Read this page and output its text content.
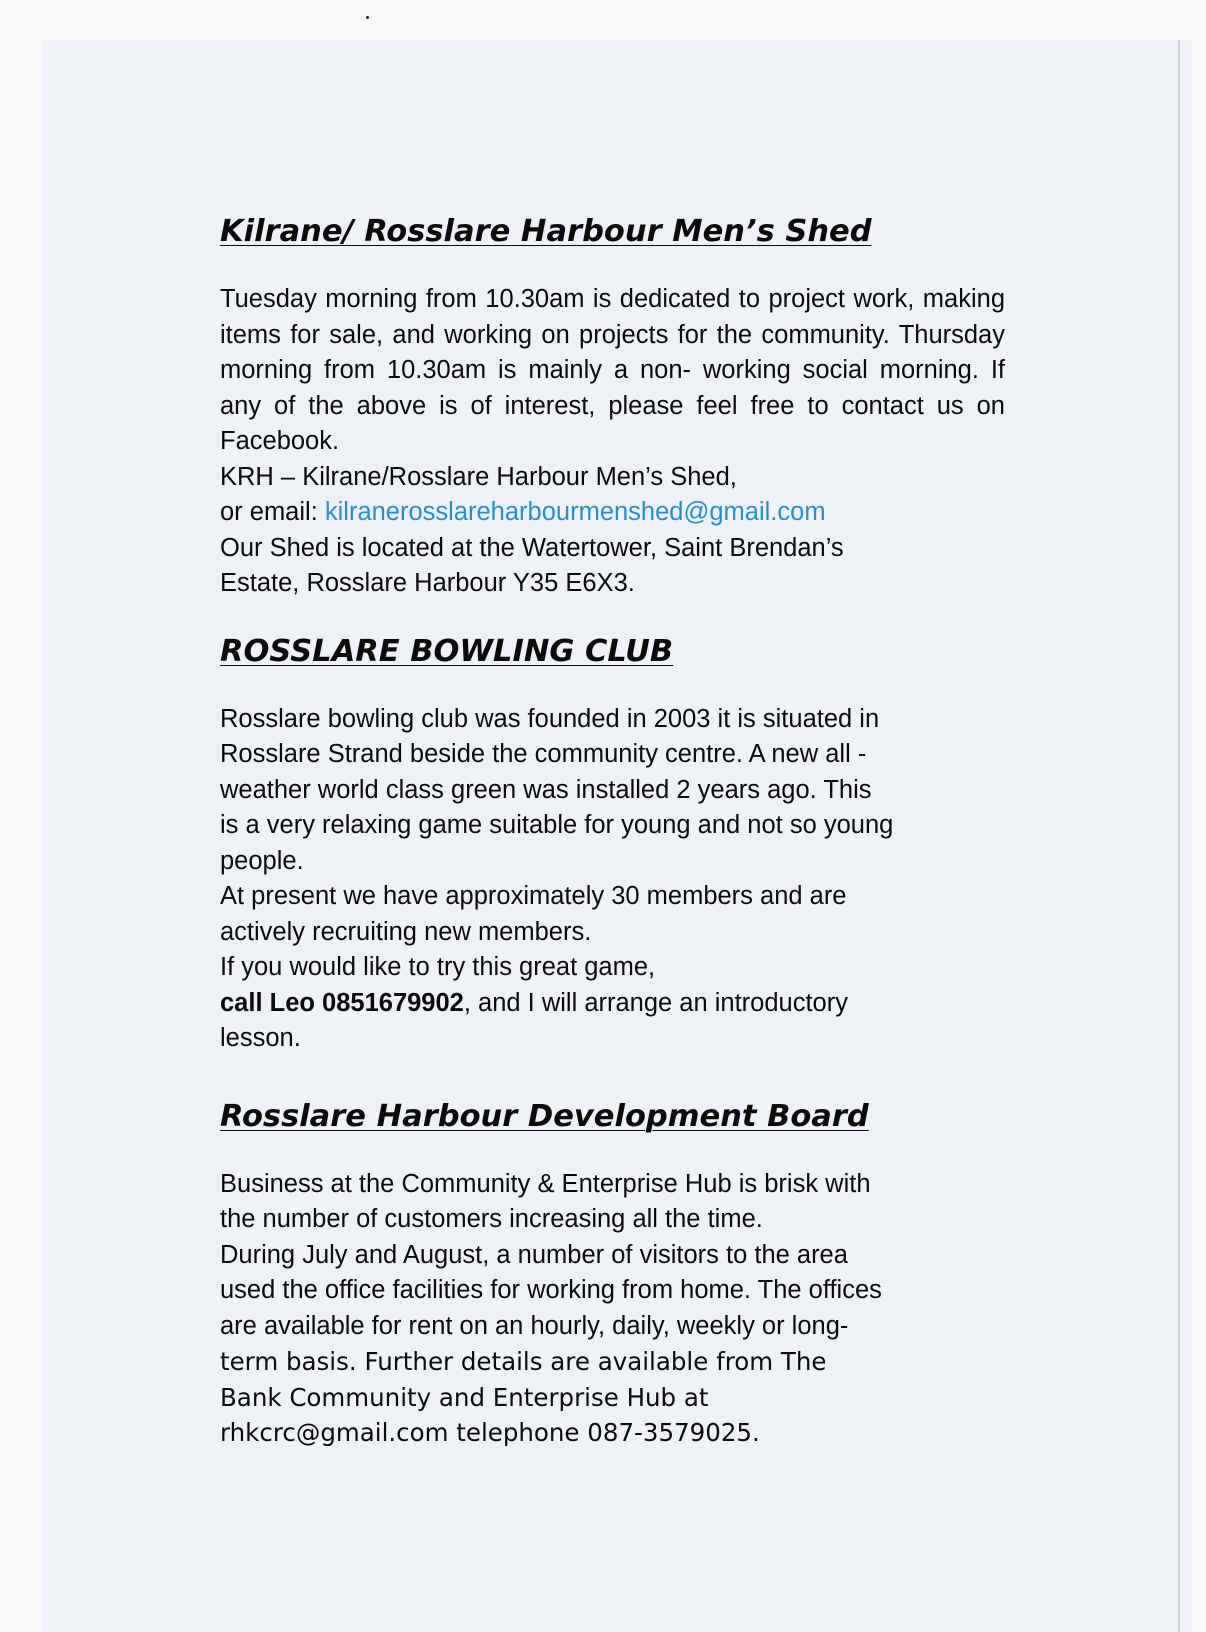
Kilrane/ Rosslare Harbour Men’s Shed

Tuesday morning from 10.30am is dedicated to project work, making items for sale, and working on projects for the community. Thursday morning from 10.30am is mainly a non- working social morning. If any of the above is of interest, please feel free to contact us on Facebook.

KRH – Kilrane/Rosslare Harbour Men’s Shed,
or email: kilranerosslareharbourmenshed@gmail.com
Our Shed is located at the Watertower, Saint Brendan’s
Estate, Rosslare Harbour Y35 E6X3.

ROSSLARE BOWLING CLUB

Rosslare bowling club was founded in 2003 it is situated in
Rosslare Strand beside the community centre. A new all -
weather world class green was installed 2 years ago. This
is a very relaxing game suitable for young and not so young
people.
At present we have approximately 30 members and are
actively recruiting new members.
If you would like to try this great game,
call Leo 0851679902, and I will arrange an introductory
lesson.

Rosslare Harbour Development Board

Business at the Community & Enterprise Hub is brisk with
the number of customers increasing all the time.
During July and August, a number of visitors to the area
used the office facilities for working from home. The offices
are available for rent on an hourly, daily, weekly or long-
term basis. Further details are available from The
Bank Community and Enterprise Hub at
rhkcrc@gmail.com telephone 087-3579025.
